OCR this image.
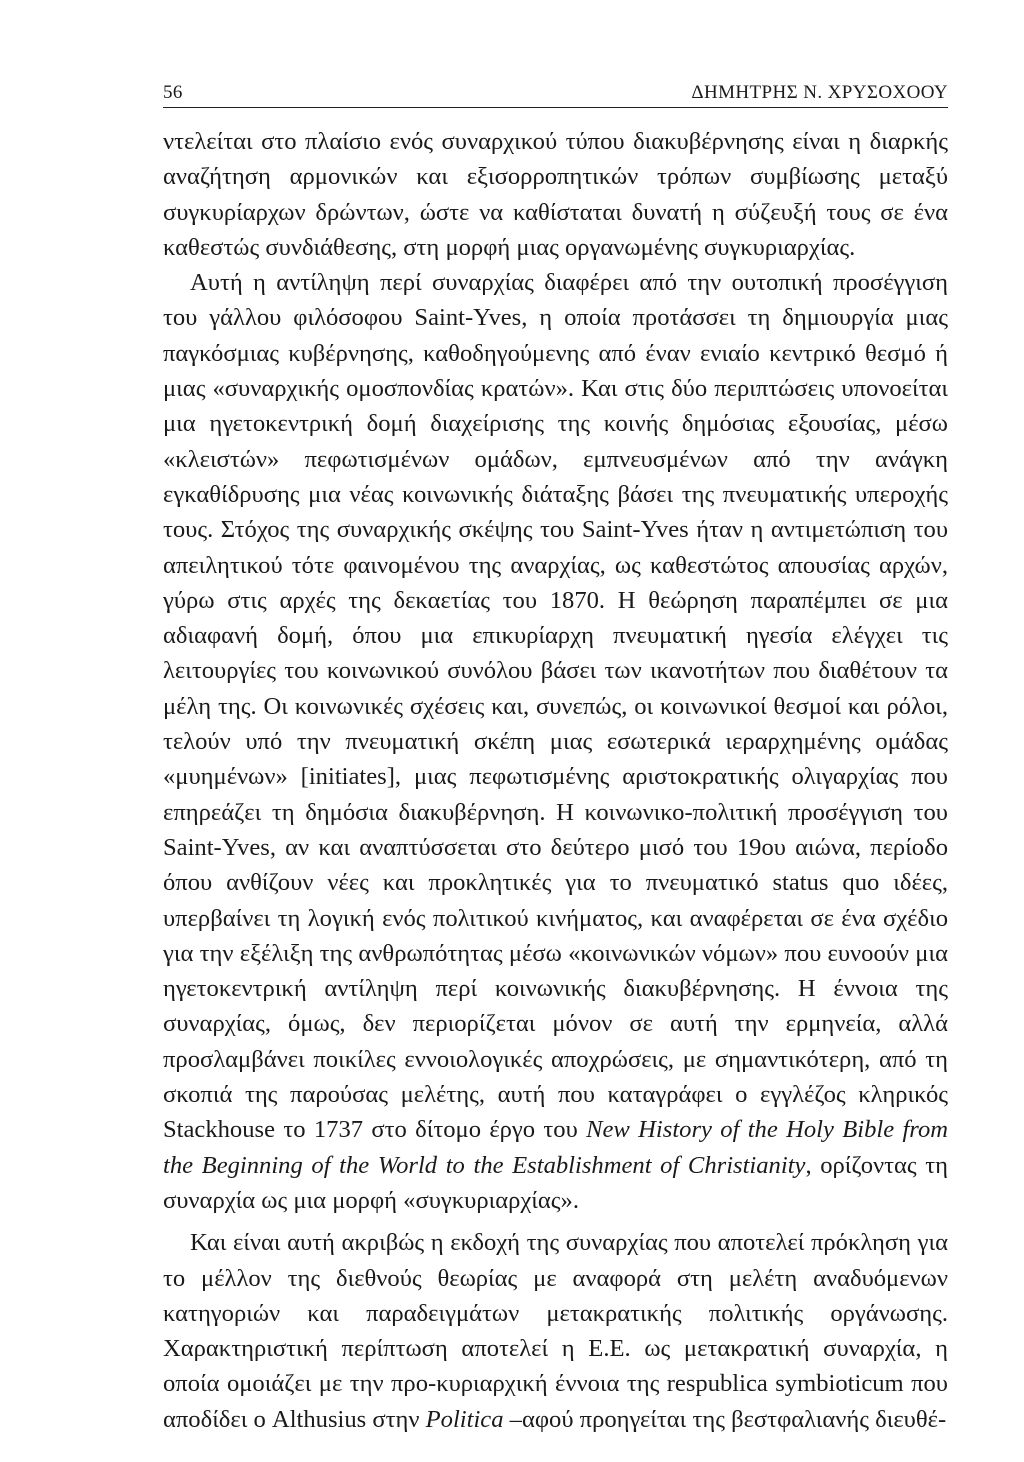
56	ΔΗΜΗΤΡΗΣ Ν. ΧΡΥΣΟΧΟΟΥ

ντελείται στο πλαίσιο ενός συναρχικού τύπου διακυβέρνησης είναι η διαρκής αναζήτηση αρμονικών και εξισορροπητικών τρόπων συμβίωσης μεταξύ συγκυρίαρχων δρώντων, ώστε να καθίσταται δυνατή η σύζευξή τους σε ένα καθεστώς συνδιάθεσης, στη μορφή μιας οργανωμένης συγκυριαρχίας.

Αυτή η αντίληψη περί συναρχίας διαφέρει από την ουτοπική προσέγγιση του γάλλου φιλόσοφου Saint-Yves, η οποία προτάσσει τη δημιουργία μιας παγκόσμιας κυβέρνησης, καθοδηγούμενης από έναν ενιαίο κεντρικό θεσμό ή μιας «συναρχικής ομοσπονδίας κρατών». Και στις δύο περιπτώσεις υπονοείται μια ηγετοκεντρική δομή διαχείρισης της κοινής δημόσιας εξουσίας, μέσω «κλειστών» πεφωτισμένων ομάδων, εμπνευσμένων από την ανάγκη εγκαθίδρυσης μια νέας κοινωνικής διάταξης βάσει της πνευματικής υπεροχής τους. Στόχος της συναρχικής σκέψης του Saint-Yves ήταν η αντιμετώπιση του απειλητικού τότε φαινομένου της αναρχίας, ως καθεστώτος απουσίας αρχών, γύρω στις αρχές της δεκαετίας του 1870. Η θεώρηση παραπέμπει σε μια αδιαφανή δομή, όπου μια επικυρίαρχη πνευματική ηγεσία ελέγχει τις λειτουργίες του κοινωνικού συνόλου βάσει των ικανοτήτων που διαθέτουν τα μέλη της. Οι κοινωνικές σχέσεις και, συνεπώς, οι κοινωνικοί θεσμοί και ρόλοι, τελούν υπό την πνευματική σκέπη μιας εσωτερικά ιεραρχημένης ομάδας «μυημένων» [initiates], μιας πεφωτισμένης αριστοκρατικής ολιγαρχίας που επηρεάζει τη δημόσια διακυβέρνηση. Η κοινωνικο-πολιτική προσέγγιση του Saint-Yves, αν και αναπτύσσεται στο δεύτερο μισό του 19ου αιώνα, περίοδο όπου ανθίζουν νέες και προκλητικές για το πνευματικό status quo ιδέες, υπερβαίνει τη λογική ενός πολιτικού κινήματος, και αναφέρεται σε ένα σχέδιο για την εξέλιξη της ανθρωπότητας μέσω «κοινωνικών νόμων» που ευνοούν μια ηγετοκεντρική αντίληψη περί κοινωνικής διακυβέρνησης. Η έννοια της συναρχίας, όμως, δεν περιορίζεται μόνον σε αυτή την ερμηνεία, αλλά προσλαμβάνει ποικίλες εννοιολογικές αποχρώσεις, με σημαντικότερη, από τη σκοπιά της παρούσας μελέτης, αυτή που καταγράφει ο εγγλέζος κληρικός Stackhouse το 1737 στο δίτομο έργο του New History of the Holy Bible from the Beginning of the World to the Establishment of Christianity, ορίζοντας τη συναρχία ως μια μορφή «συγκυριαρχίας».

Και είναι αυτή ακριβώς η εκδοχή της συναρχίας που αποτελεί πρόκληση για το μέλλον της διεθνούς θεωρίας με αναφορά στη μελέτη αναδυόμενων κατηγοριών και παραδειγμάτων μετακρατικής πολιτικής οργάνωσης. Χαρακτηριστική περίπτωση αποτελεί η Ε.Ε. ως μετακρατική συναρχία, η οποία ομοιάζει με την προ-κυριαρχική έννοια της respublica symbioticum που αποδίδει ο Althusius στην Politica –αφού προηγείται της βεστφαλιανής διευθέ-
